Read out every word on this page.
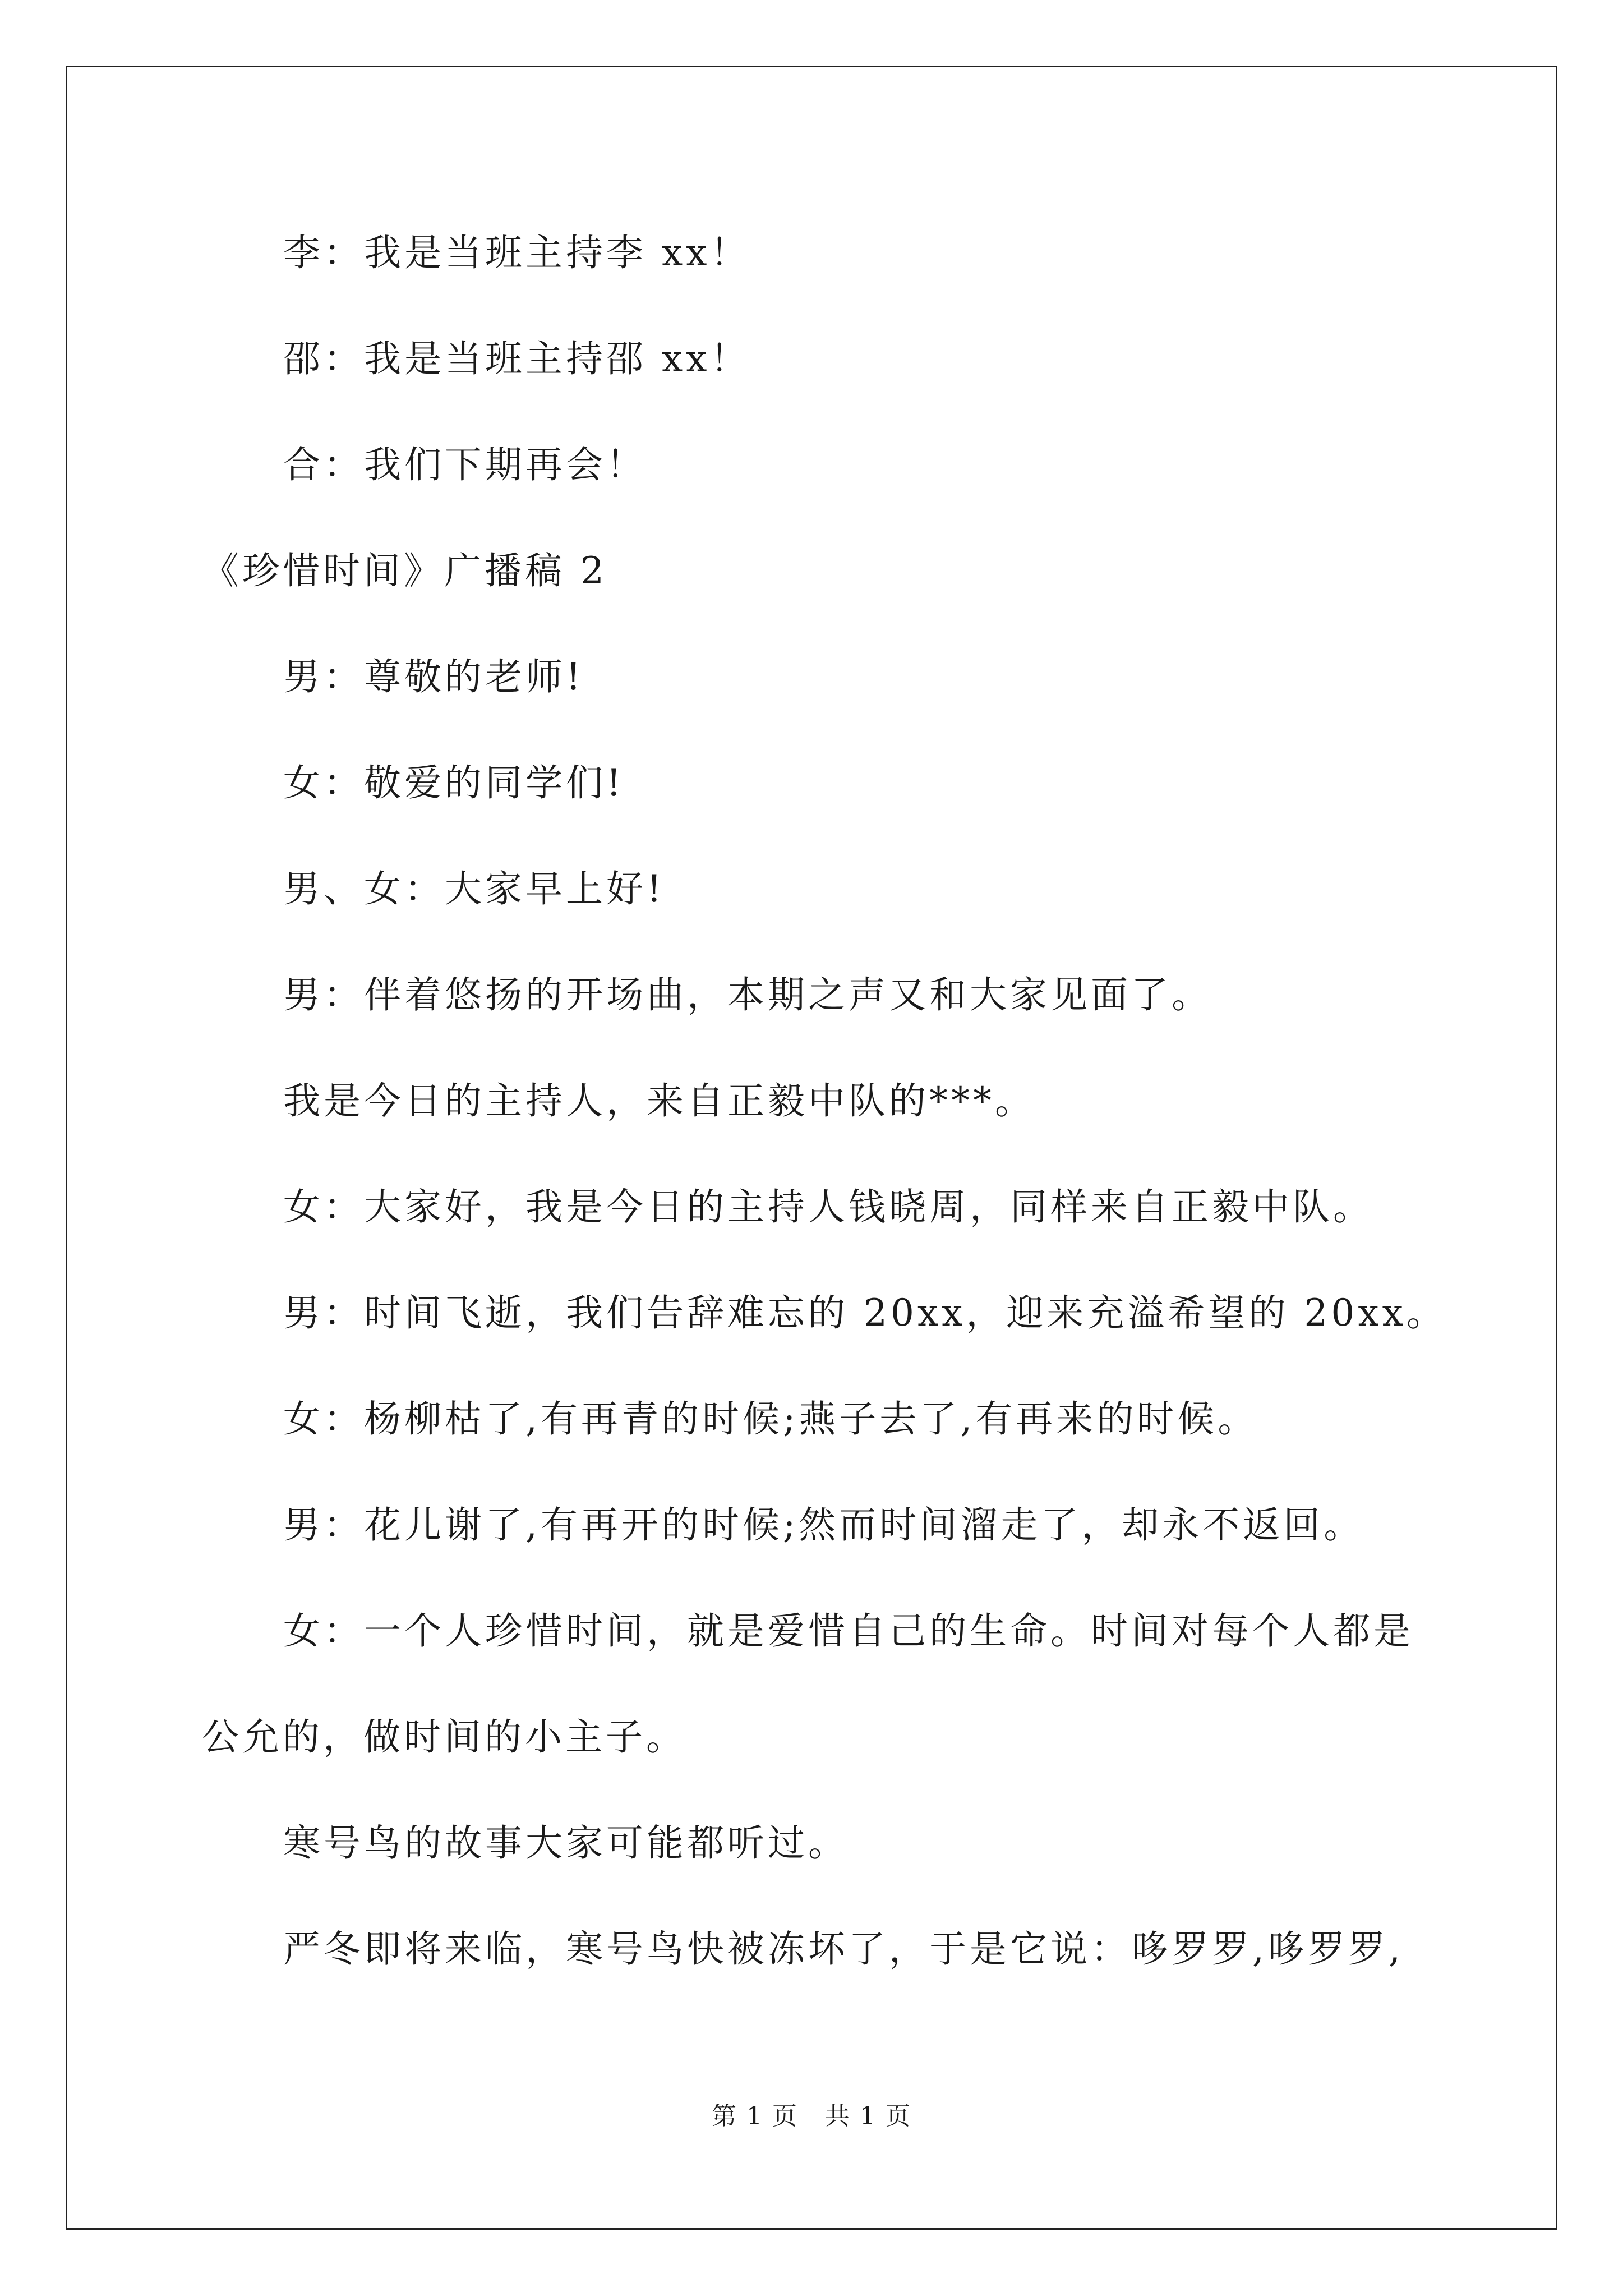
李：我是当班主持李 xx！
邵：我是当班主持邵 xx！
合：我们下期再会！
《珍惜时间》广播稿 2
男：尊敬的老师!
女：敬爱的同学们!
男、女：大家早上好!
男：伴着悠扬的开场曲，本期之声又和大家见面了。
我是今日的主持人，来自正毅中队的***。
女：大家好，我是今日的主持人钱晓周，同样来自正毅中队。
男：时间飞逝，我们告辞难忘的 20xx，迎来充溢希望的 20xx。
女：杨柳枯了,有再青的时候;燕子去了,有再来的时候。
男：花儿谢了,有再开的时候;然而时间溜走了，却永不返回。
女：一个人珍惜时间，就是爱惜自己的生命。时间对每个人都是
公允的，做时间的小主子。
寒号鸟的故事大家可能都听过。
严冬即将来临，寒号鸟快被冻坏了，于是它说：哆罗罗,哆罗罗,
第 1 页 共 1 页
